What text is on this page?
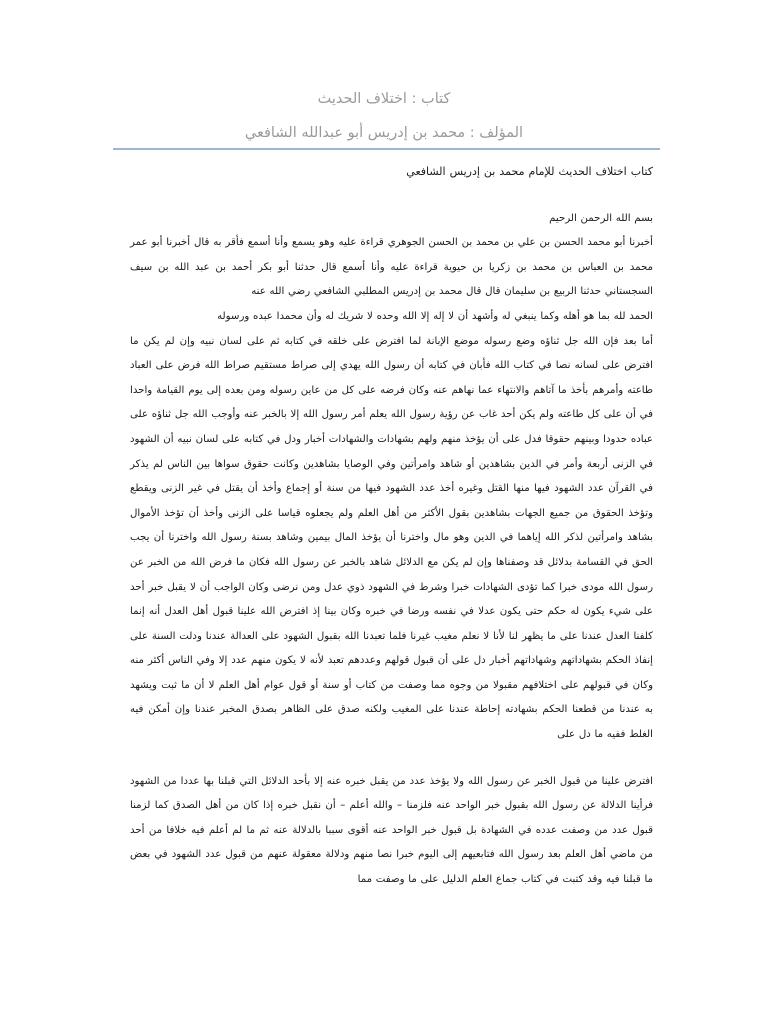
كتاب : اختلاف الحديث
المؤلف : محمد بن إدريس أبو عبدالله الشافعي

كتاب اختلاف الحديث للإمام محمد بن إدريس الشافعي

بسم الله الرحمن الرحيم

أخبرنا أبو محمد الحسن بن علي بن محمد بن الحسن الجوهري قراءة عليه وهو يسمع وأنا أسمع فأقر به قال أخبرنا أبو عمر محمد بن العباس بن محمد بن زكريا بن حيوية قراءة عليه وأنا أسمع قال حدثنا أبو بكر أحمد بن عبد الله بن سيف السجستاني حدثنا الربيع بن سليمان قال قال محمد بن إدريس المطلبي الشافعي رضي الله عنه

الحمد لله بما هو أهله وكما ينبغي له وأشهد أن لا إله إلا الله وحده لا شريك له وأن محمدا عبده ورسوله

أما بعد فإن الله جل ثناؤه وضع رسوله موضع الإبانة لما افترض على خلقه في كتابه ثم على لسان نبيه وإن لم يكن ما افترض على لسانه نصا في كتاب الله فأبان في كتابه أن رسول الله يهدي إلى صراط مستقيم صراط الله فرض على العباد طاعته وأمرهم بأخذ ما آتاهم والانتهاء عما نهاهم عنه وكان فرضه على كل من عاين رسوله ومن بعده إلى يوم القيامة واحدا في أن على كل طاعته ولم يكن أحد غاب عن رؤية رسول الله يعلم أمر رسول الله إلا بالخبر عنه وأوجب الله جل ثناؤه على عباده حدودا وبينهم حقوقا فدل على أن يؤخذ منهم ولهم بشهادات والشهادات أخبار ودل في كتابه على لسان نبيه أن الشهود في الزنى أربعة وأمر في الدين بشاهدين أو شاهد وامرأتين وفي الوصايا بشاهدين وكانت حقوق سواها بين الناس لم يذكر في القرآن عدد الشهود فيها منها القتل وغيره أخذ عدد الشهود فيها من سنة أو إجماع وأخذ أن يقتل في غير الزنى ويقطع وتؤخذ الحقوق من جميع الجهات بشاهدين بقول الأكثر من أهل العلم ولم يجعلوه قياسا على الزنى وأخذ أن تؤخذ الأموال بشاهد وامرأتين لذكر الله إياهما في الدين وهو مال واخترنا أن يؤخذ المال بيمين وشاهد بسنة رسول الله واخترنا أن يجب الحق في القسامة بدلائل قد وصفناها وإن لم يكن مع الدلائل شاهد بالخبر عن رسول الله فكان ما فرض الله من الخبر عن رسول الله مودى خبرا كما تؤدى الشهادات خبرا وشرط في الشهود ذوي عدل ومن نرضى وكان الواجب أن لا يقبل خبر أحد على شيء يكون له حكم حتى يكون عدلا في نفسه ورضا في خبره وكان بينا إذ افترض الله علينا قبول أهل العدل أنه إنما كلفنا العدل عندنا على ما يظهر لنا لأنا لا نعلم مغيب غيرنا فلما تعبدنا الله بقبول الشهود على العدالة عندنا ودلت السنة على إنفاذ الحكم بشهاداتهم وشهاداتهم أخبار دل على أن قبول قولهم وعددهم تعبد لأنه لا يكون منهم عدد إلا وفي الناس أكثر منه وكان في قبولهم على اختلافهم مقبولا من وجوه مما وصفت من كتاب أو سنة أو قول عوام أهل العلم لا أن ما ثبت ويشهد به عندنا من قطعنا الحكم بشهادته إحاطة عندنا على المغيب ولكنه صدق على الظاهر بصدق المخبر عندنا وإن أمكن فيه الغلط ففيه ما دل على

افترض علينا من قبول الخبر عن رسول الله ولا يؤخذ عدد من يقبل خبره عنه إلا بأحد الدلائل التي قبلنا بها عددا من الشهود فرأينا الدلالة عن رسول الله بقبول خبر الواحد عنه فلزمنا – والله أعلم – أن نقبل خبره إذا كان من أهل الصدق كما لزمنا قبول عدد من وصفت عدده في الشهادة بل قبول خبر الواحد عنه أقوى سببا بالدلالة عنه ثم ما لم أعلم فيه خلافا من أحد من ماضي أهل العلم بعد رسول الله فتابعيهم إلى اليوم خبرا نصا منهم ودلالة معقولة عنهم من قبول عدد الشهود في بعض ما قبلنا فيه وقد كتبت في كتاب جماع العلم الدليل على ما وصفت مما
